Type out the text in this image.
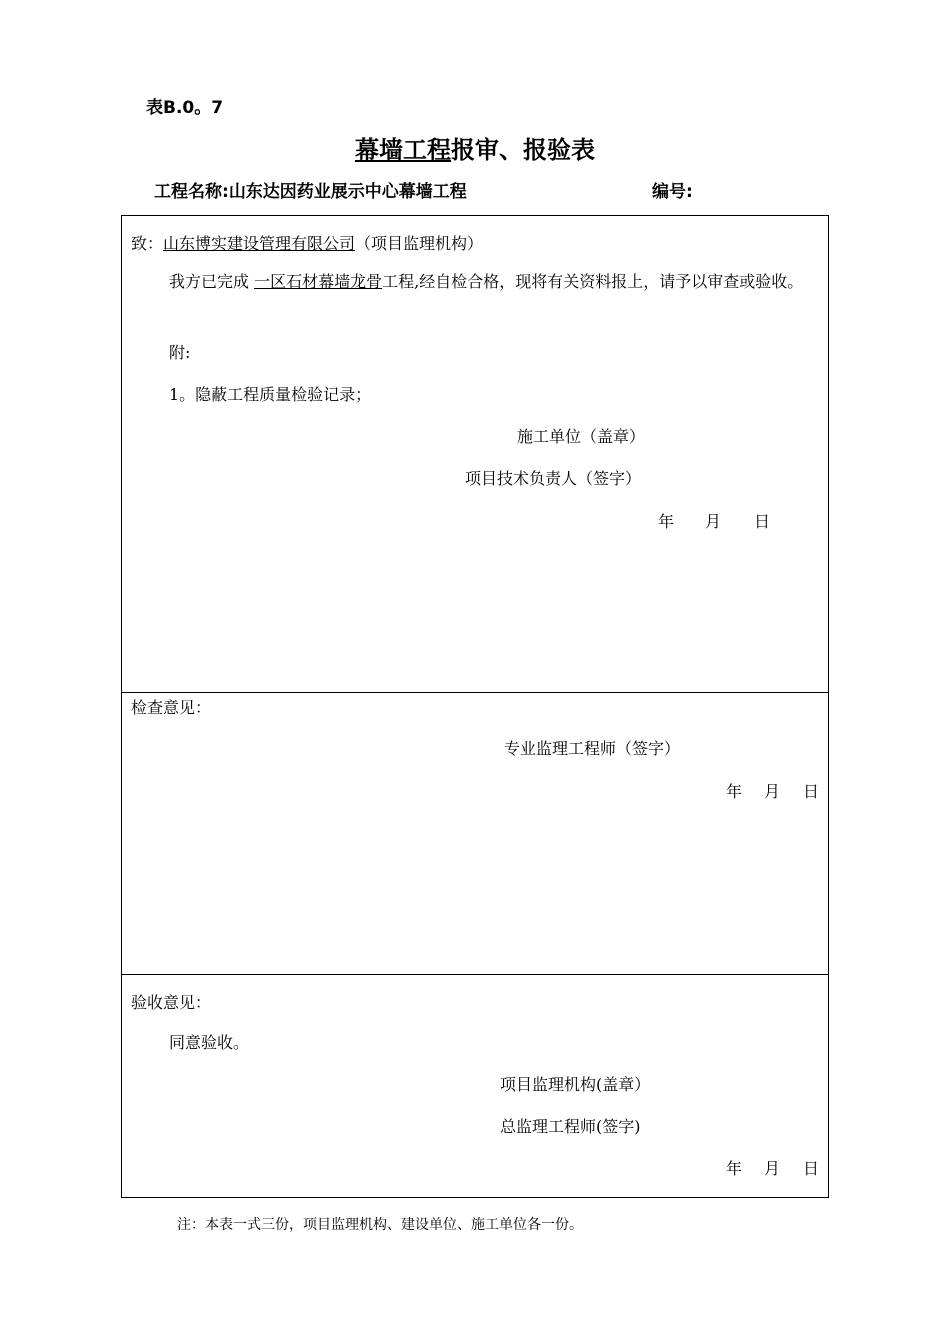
表B.0。7
幕墙工程报审、报验表
工程名称:山东达因药业展示中心幕墙工程	编号:
致：山东博实建设管理有限公司（项目监理机构）
我方已完成 一区石材幕墙龙骨工程,经自检合格，现将有关资料报上，请予以审查或验收。
附:
1。隐蔽工程质量检验记录；
施工单位（盖章）
项目技术负责人（签字）
年 月 日
检查意见：
专业监理工程师（签字）
年 月 日
验收意见：
同意验收。
项目监理机构(盖章）
总监理工程师(签字)
年 月 日
注：本表一式三份，项目监理机构、建设单位、施工单位各一份。
